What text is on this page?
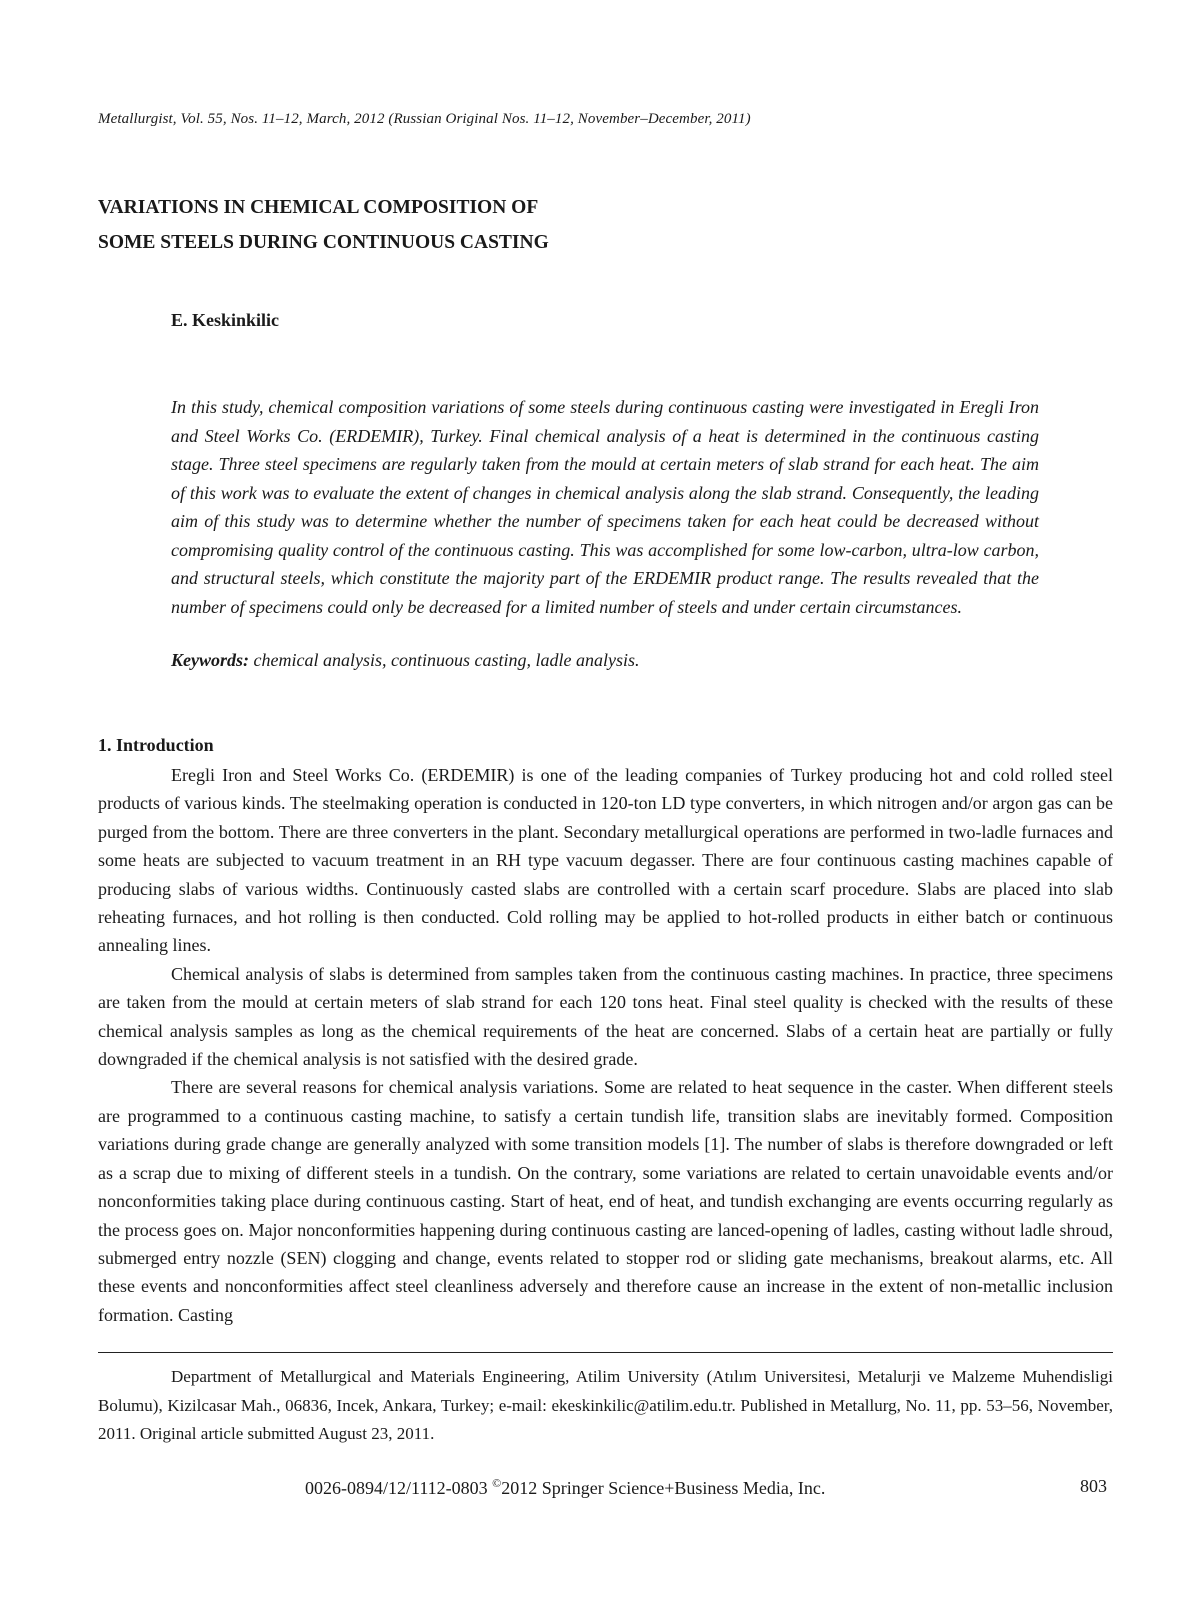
Metallurgist, Vol. 55, Nos. 11–12, March, 2012 (Russian Original Nos. 11–12, November–December, 2011)
VARIATIONS IN CHEMICAL COMPOSITION OF
SOME STEELS DURING CONTINUOUS CASTING
E. Keskinkilic

In this study, chemical composition variations of some steels during continuous casting were investigated in Eregli Iron and Steel Works Co. (ERDEMIR), Turkey. Final chemical analysis of a heat is determined in the continuous casting stage. Three steel specimens are regularly taken from the mould at certain meters of slab strand for each heat. The aim of this work was to evaluate the extent of changes in chemical analysis along the slab strand. Consequently, the leading aim of this study was to determine whether the number of specimens taken for each heat could be decreased without compromising quality control of the continuous casting. This was accomplished for some low-carbon, ultra-low carbon, and structural steels, which constitute the majority part of the ERDEMIR product range. The results revealed that the number of specimens could only be decreased for a limited number of steels and under certain circumstances.

Keywords: chemical analysis, continuous casting, ladle analysis.
1. Introduction

Eregli Iron and Steel Works Co. (ERDEMIR) is one of the leading companies of Turkey producing hot and cold rolled steel products of various kinds. The steelmaking operation is conducted in 120-ton LD type converters, in which nitrogen and/or argon gas can be purged from the bottom. There are three converters in the plant. Secondary metallurgical operations are performed in two-ladle furnaces and some heats are subjected to vacuum treatment in an RH type vacuum degasser. There are four continuous casting machines capable of producing slabs of various widths. Continuously casted slabs are controlled with a certain scarf procedure. Slabs are placed into slab reheating furnaces, and hot rolling is then conducted. Cold rolling may be applied to hot-rolled products in either batch or continuous annealing lines.

Chemical analysis of slabs is determined from samples taken from the continuous casting machines. In practice, three specimens are taken from the mould at certain meters of slab strand for each 120 tons heat. Final steel quality is checked with the results of these chemical analysis samples as long as the chemical requirements of the heat are concerned. Slabs of a certain heat are partially or fully downgraded if the chemical analysis is not satisfied with the desired grade.

There are several reasons for chemical analysis variations. Some are related to heat sequence in the caster. When different steels are programmed to a continuous casting machine, to satisfy a certain tundish life, transition slabs are inevitably formed. Composition variations during grade change are generally analyzed with some transition models [1]. The number of slabs is therefore downgraded or left as a scrap due to mixing of different steels in a tundish. On the contrary, some variations are related to certain unavoidable events and/or nonconformities taking place during continuous casting. Start of heat, end of heat, and tundish exchanging are events occurring regularly as the process goes on. Major nonconformities happening during continuous casting are lanced-opening of ladles, casting without ladle shroud, submerged entry nozzle (SEN) clogging and change, events related to stopper rod or sliding gate mechanisms, breakout alarms, etc. All these events and nonconformities affect steel cleanliness adversely and therefore cause an increase in the extent of non-metallic inclusion formation. Casting

Department of Metallurgical and Materials Engineering, Atilim University (Atılım Universitesi, Metalurji ve Malzeme Muhendisligi Bolumu), Kizilcasar Mah., 06836, Incek, Ankara, Turkey; e-mail: ekeskinkilic@atilim.edu.tr. Published in Metallurg, No. 11, pp. 53–56, November, 2011. Original article submitted August 23, 2011.

0026-0894/12/1112-0803 ©2012 Springer Science+Business Media, Inc.	803
